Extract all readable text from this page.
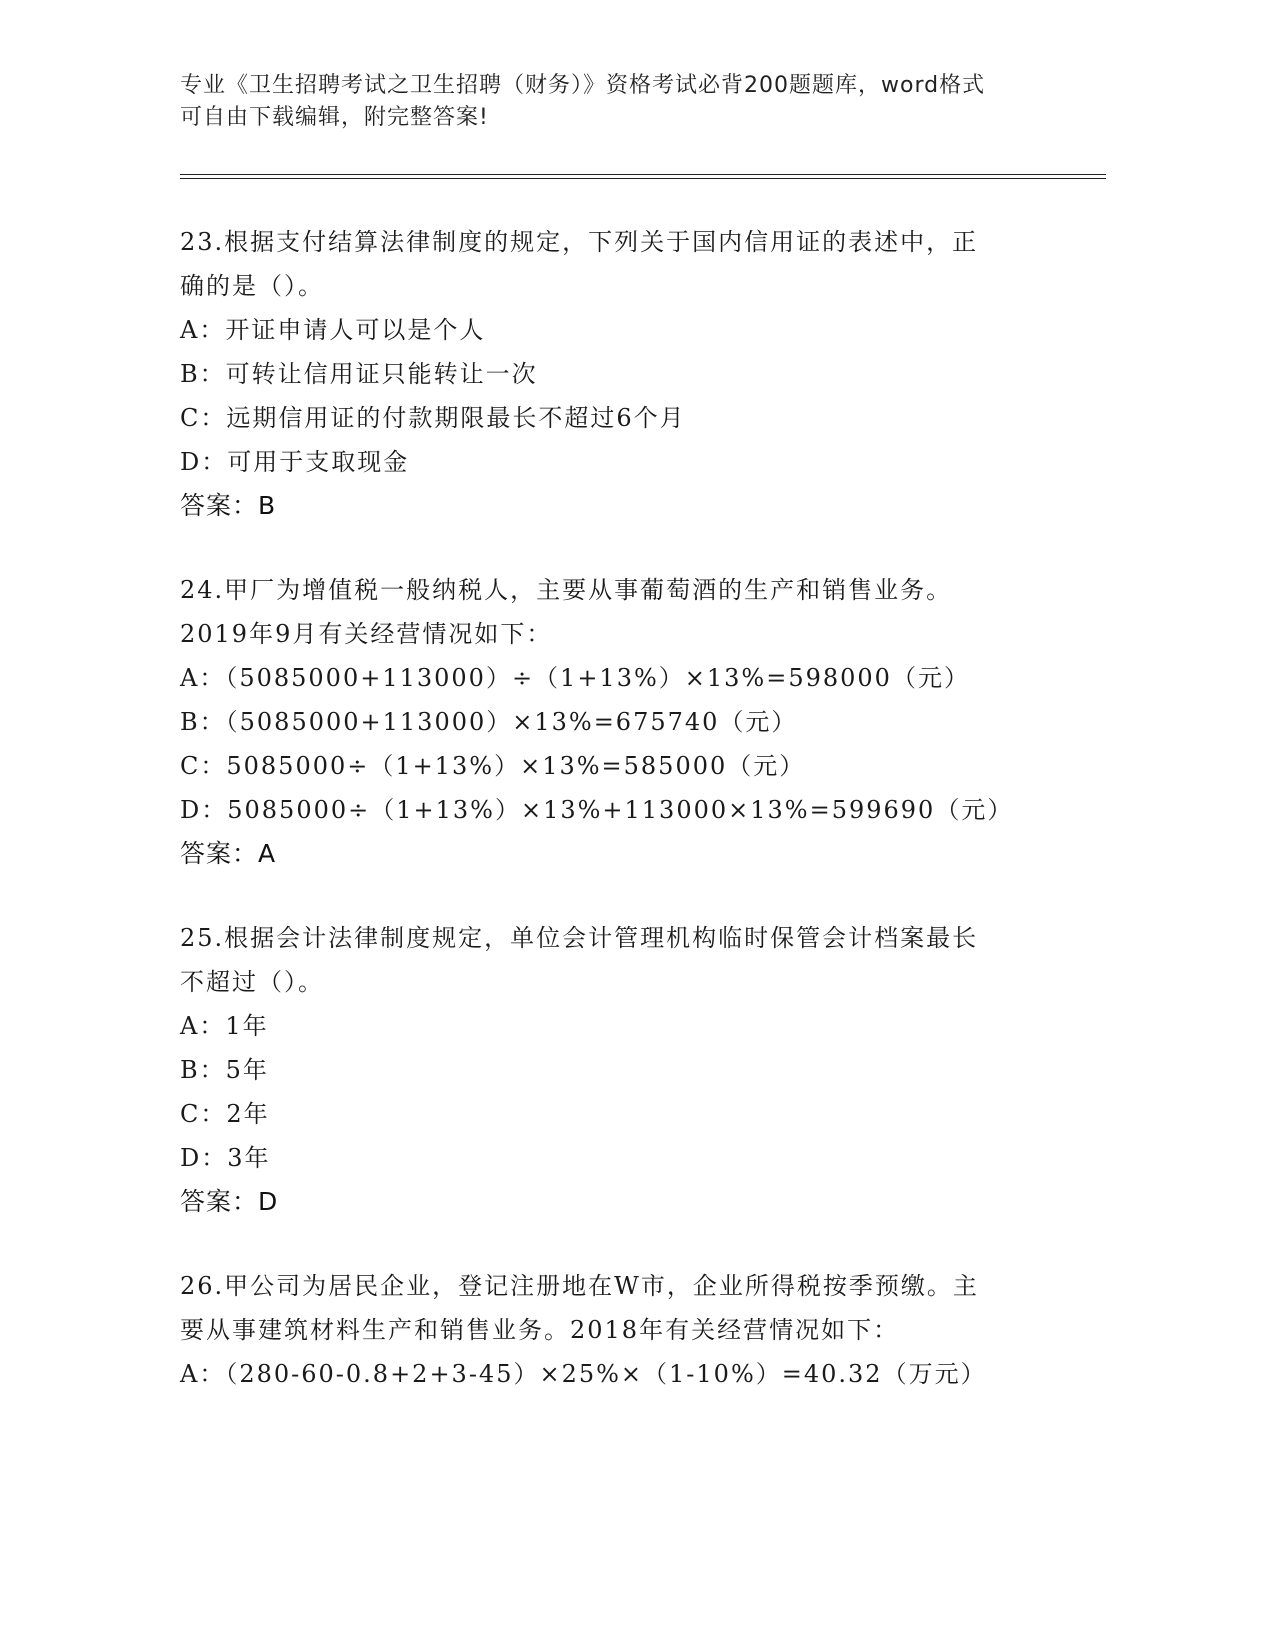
专业《卫生招聘考试之卫生招聘（财务）》资格考试必背200题题库，word格式
可自由下载编辑，附完整答案!

23.根据支付结算法律制度的规定，下列关于国内信用证的表述中，正

确的是（）。

A：开证申请人可以是个人

B：可转让信用证只能转让一次

C：远期信用证的付款期限最长不超过6个月

D：可用于支取现金

答案：B

24.甲厂为增值税一般纳税人，主要从事葡萄酒的生产和销售业务。

2019年9月有关经营情况如下：

A：（5085000+113000）÷（1+13%）×13%=598000（元）

B：（5085000+113000）×13%=675740（元）

C：5085000÷（1+13%）×13%=585000（元）

D：5085000÷（1+13%）×13%+113000×13%=599690（元）

答案：A

25.根据会计法律制度规定，单位会计管理机构临时保管会计档案最长

不超过（）。

A：1年

B：5年

C：2年

D：3年

答案：D

26.甲公司为居民企业，登记注册地在W市，企业所得税按季预缴。主

要从事建筑材料生产和销售业务。2018年有关经营情况如下：

A：（280-60-0.8+2+3-45）×25%×（1-10%）=40.32（万元）
